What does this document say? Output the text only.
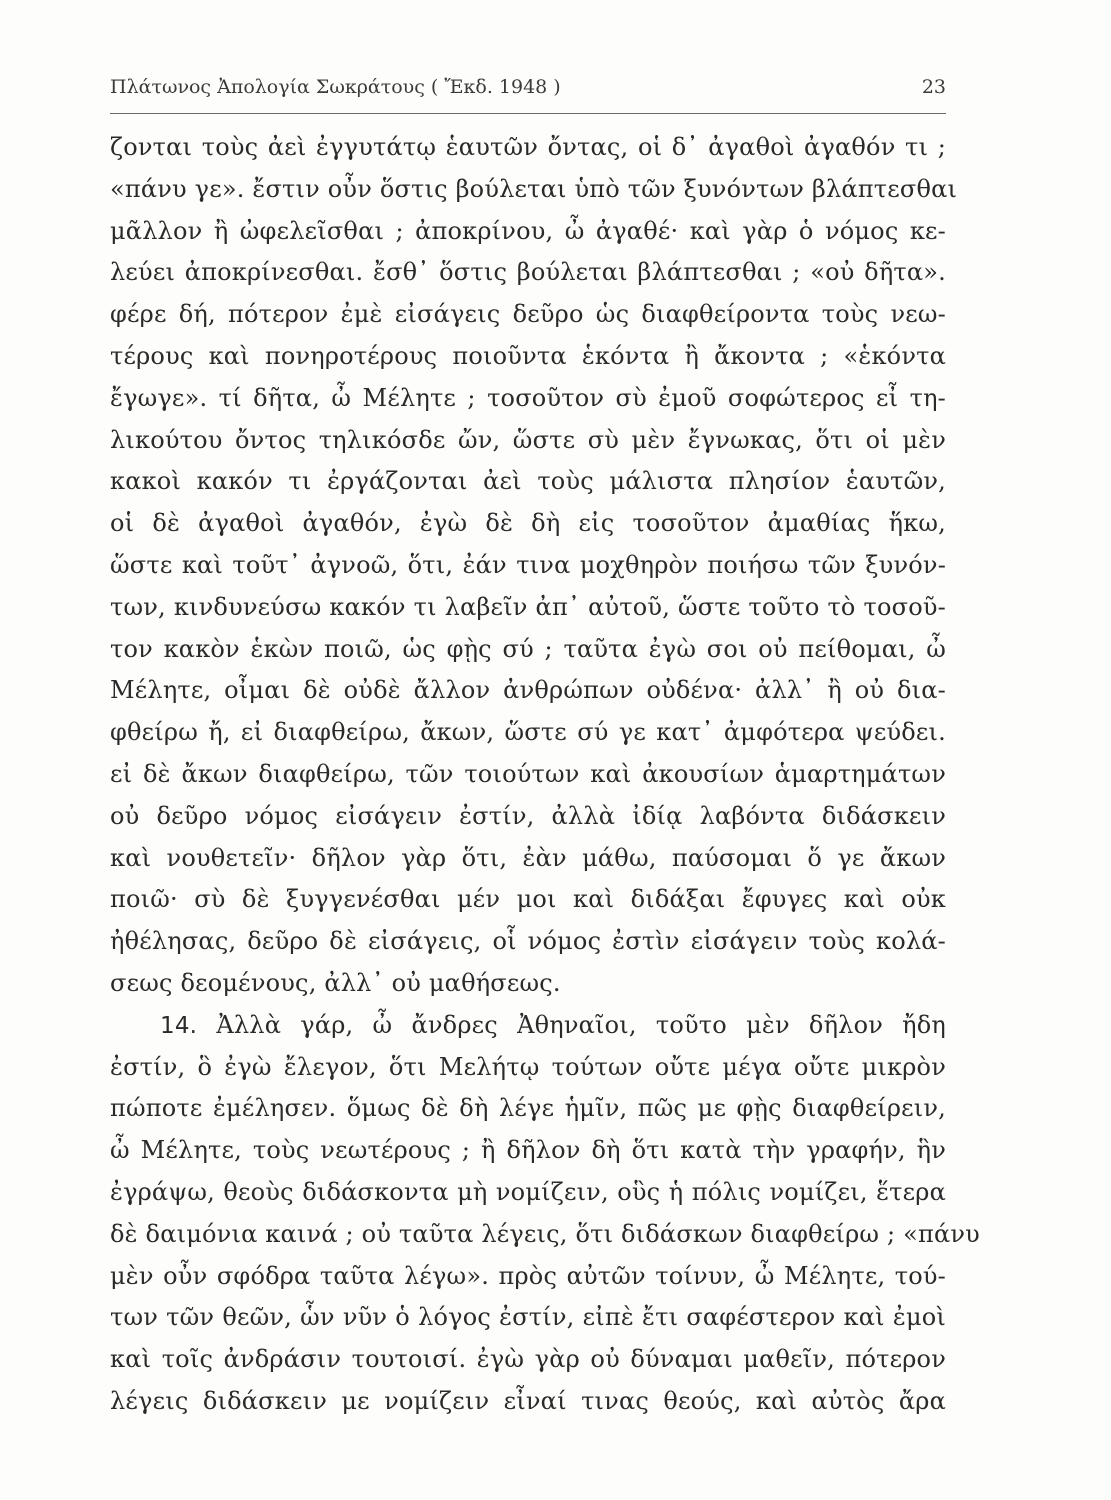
Πλάτωνος Ἀπολογία Σωκράτους ( Ἔκδ. 1948 )	23
ζονται τοὺς ἀεὶ ἐγγυτάτῳ ἑαυτῶν ὄντας, οἱ δ᾿ ἀγαθοὶ ἀγαθόν τι ;
«πάνυ γε». ἔστιν οὖν ὅστις βούλεται ὑπὸ τῶν ξυνόντων βλάπτεσθαι
μᾶλλον ἢ ὠφελεῖσθαι ; ἀποκρίνου, ὦ ἀγαθέ· καὶ γὰρ ὁ νόμος κε-
λεύει ἀποκρίνεσθαι. ἔσθ᾿ ὅστις βούλεται βλάπτεσθαι ; «οὐ δῆτα».
φέρε δή, πότερον ἐμὲ εἰσάγεις δεῦρο ὡς διαφθείροντα τοὺς νεω-
τέρους καὶ πονηροτέρους ποιοῦντα ἑκόντα ἢ ἄκοντα ; «ἑκόντα
ἔγωγε». τί δῆτα, ὦ Μέλητε ; τοσοῦτον σὺ ἐμοῦ σοφώτερος εἶ τη-
λικούτου ὄντος τηλικόσδε ὤν, ὥστε σὺ μὲν ἔγνωκας, ὅτι οἱ μὲν
κακοὶ κακόν τι ἐργάζονται ἀεὶ τοὺς μάλιστα πλησίον ἑαυτῶν,
οἱ δὲ ἀγαθοὶ ἀγαθόν, ἐγὼ δὲ δὴ εἰς τοσοῦτον ἀμαθίας ἥκω,
ὥστε καὶ τοῦτ᾿ ἀγνοῶ, ὅτι, ἐάν τινα μοχθηρὸν ποιήσω τῶν ξυνόν-
των, κινδυνεύσω κακόν τι λαβεῖν ἀπ᾿ αὐτοῦ, ὥστε τοῦτο τὸ τοσοῦ-
τον κακὸν ἑκὼν ποιῶ, ὡς φῂς σύ ; ταῦτα ἐγὼ σοι οὐ πείθομαι, ὦ
Μέλητε, οἶμαι δὲ οὐδὲ ἄλλον ἀνθρώπων οὐδένα· ἀλλ᾿ ἢ οὐ δια-
φθείρω ἤ, εἰ διαφθείρω, ἄκων, ὥστε σύ γε κατ᾿ ἀμφότερα ψεύδει.
εἰ δὲ ἄκων διαφθείρω, τῶν τοιούτων καὶ ἀκουσίων ἁμαρτημάτων
οὐ δεῦρο νόμος εἰσάγειν ἐστίν, ἀλλὰ ἰδίᾳ λαβόντα διδάσκειν
καὶ νουθετεῖν· δῆλον γὰρ ὅτι, ἐὰν μάθω, παύσομαι ὅ γε ἄκων
ποιῶ· σὺ δὲ ξυγγενέσθαι μέν μοι καὶ διδάξαι ἔφυγες καὶ οὐκ
ἠθέλησας, δεῦρο δὲ εἰσάγεις, οἷ νόμος ἐστὶν εἰσάγειν τοὺς κολά-
σεως δεομένους, ἀλλ᾿ οὐ μαθήσεως.
14. Ἀλλὰ γάρ, ὦ ἄνδρες Ἀθηναῖοι, τοῦτο μὲν δῆλον ἤδη
ἐστίν, ὃ ἐγὼ ἔλεγον, ὅτι Μελήτῳ τούτων οὔτε μέγα οὔτε μικρὸν
πώποτε ἐμέλησεν. ὅμως δὲ δὴ λέγε ἡμῖν, πῶς με φῂς διαφθείρειν,
ὦ Μέλητε, τοὺς νεωτέρους ; ἢ δῆλον δὴ ὅτι κατὰ τὴν γραφήν, ἣν
ἐγράψω, θεοὺς διδάσκοντα μὴ νομίζειν, οὓς ἡ πόλις νομίζει, ἕτερα
δὲ δαιμόνια καινά ; οὐ ταῦτα λέγεις, ὅτι διδάσκων διαφθείρω ; «πάνυ
μὲν οὖν σφόδρα ταῦτα λέγω». πρὸς αὐτῶν τοίνυν, ὦ Μέλητε, τού-
των τῶν θεῶν, ὧν νῦν ὁ λόγος ἐστίν, εἰπὲ ἔτι σαφέστερον καὶ ἐμοὶ
καὶ τοῖς ἀνδράσιν τουτοισί. ἐγὼ γὰρ οὐ δύναμαι μαθεῖν, πότερον
λέγεις διδάσκειν με νομίζειν εἶναί τινας θεούς, καὶ αὐτὸς ἄρα
